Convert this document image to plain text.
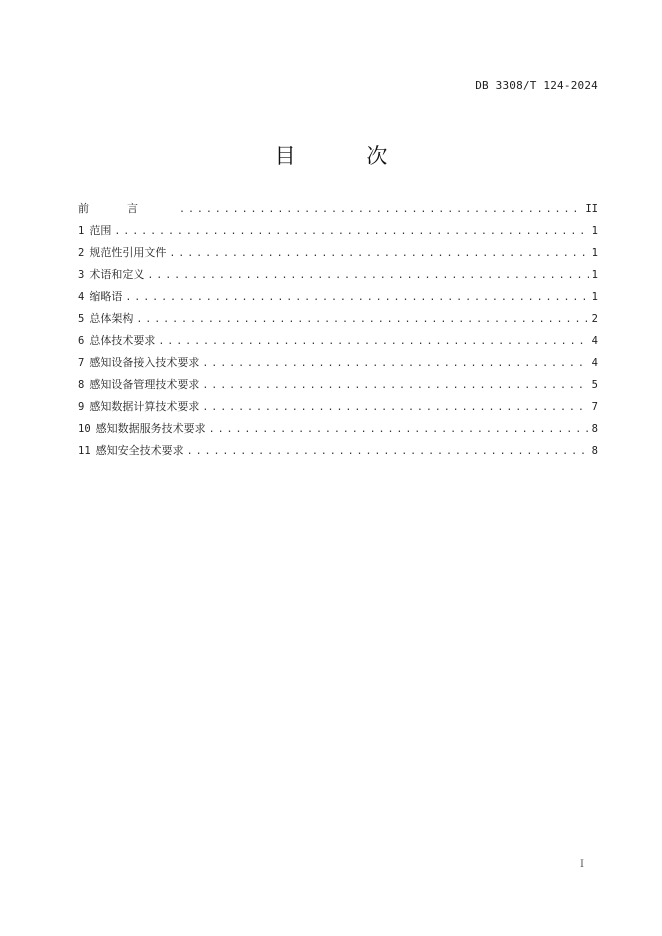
DB 3308/T 124-2024
目 次
前言 . . .	II
1 范围 . . .	1
2 规范性引用文件 . . .	1
3 术语和定义 . . .	1
4 缩略语 . . .	1
5 总体架构 . . .	2
6 总体技术要求 . . .	4
7 感知设备接入技术要求 . . .	4
8 感知设备管理技术要求 . . .	5
9 感知数据计算技术要求 . . .	7
10 感知数据服务技术要求 . . .	8
11 感知安全技术要求 . . .	8
I
